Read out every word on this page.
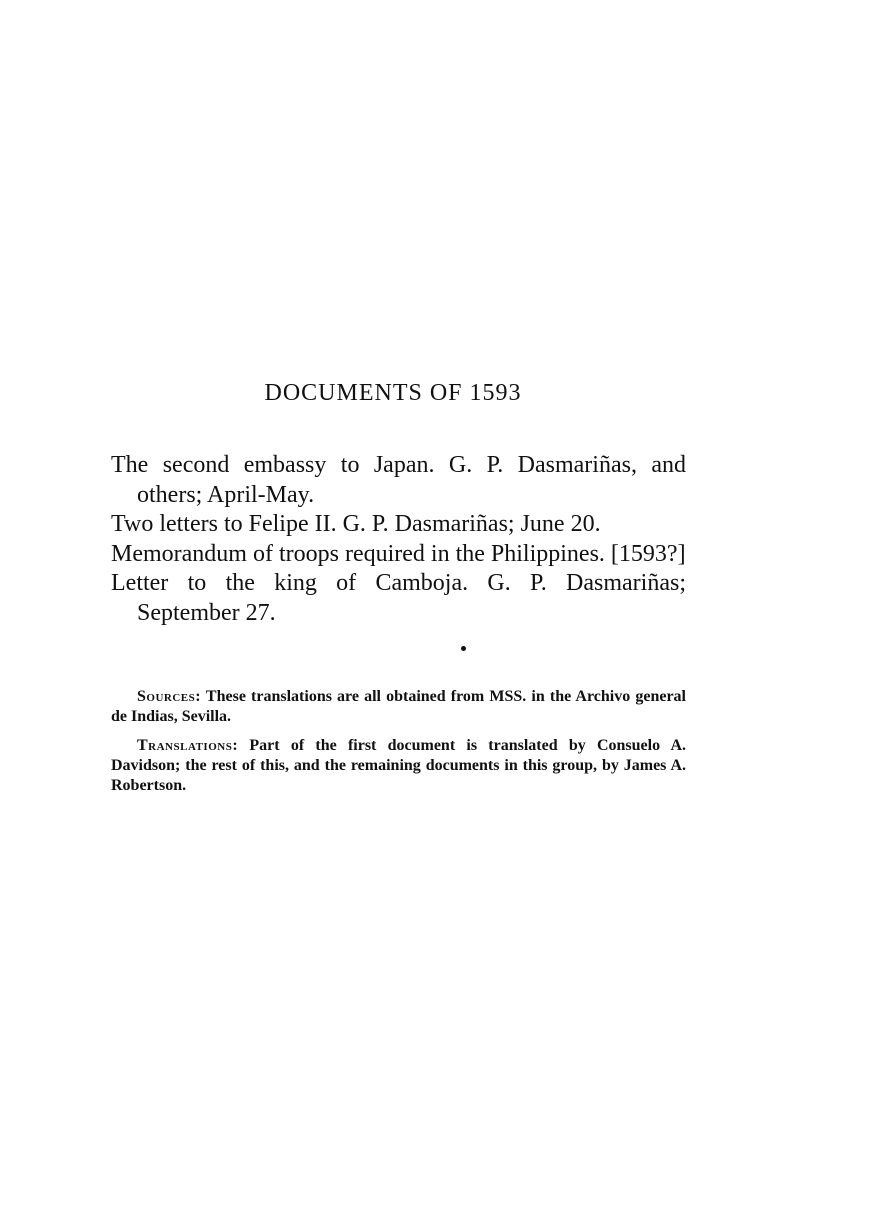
DOCUMENTS OF 1593
The second embassy to Japan. G. P. Dasmariñas, and others; April-May.
Two letters to Felipe II. G. P. Dasmariñas; June 20.
Memorandum of troops required in the Philippines. [1593?]
Letter to the king of Camboja. G. P. Dasmariñas; September 27.

Sources: These translations are all obtained from MSS. in the Archivo general de Indias, Sevilla.

Translations: Part of the first document is translated by Consuelo A. Davidson; the rest of this, and the remaining documents in this group, by James A. Robertson.
